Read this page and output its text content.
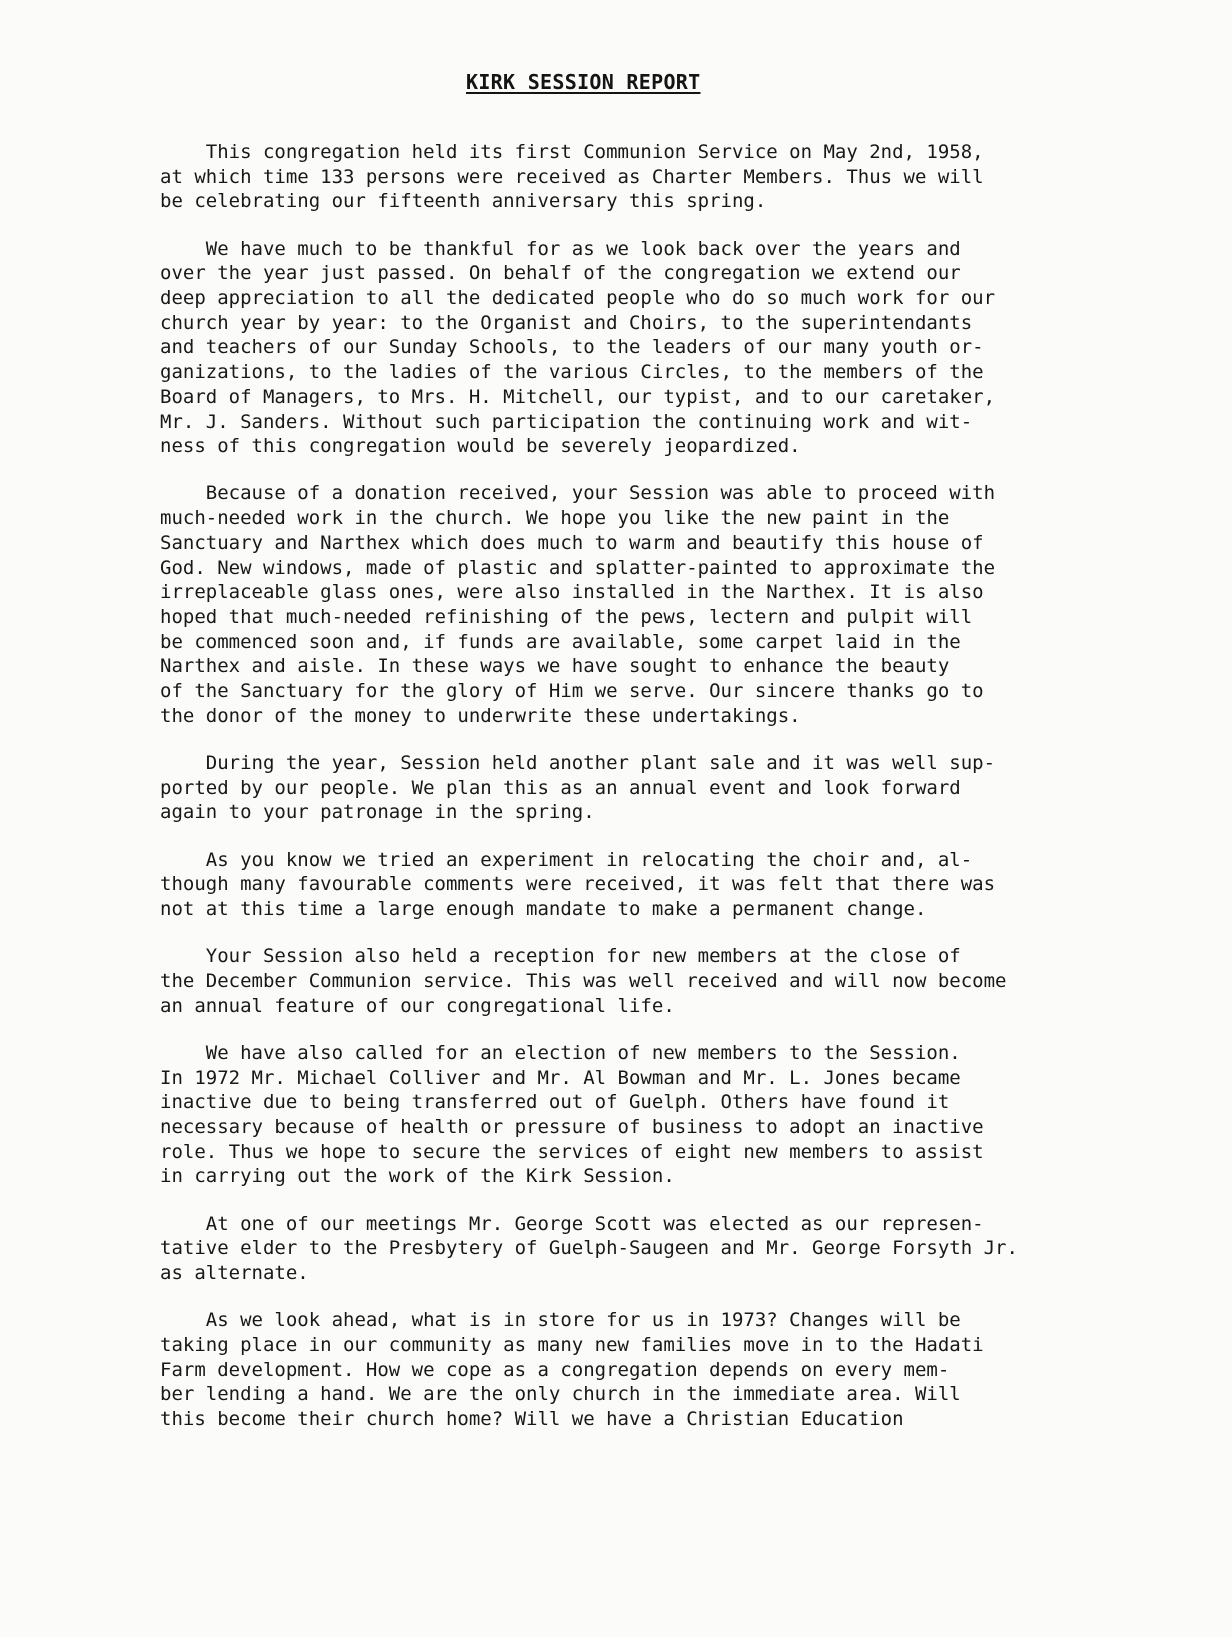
KIRK SESSION REPORT

This congregation held its first Communion Service on May 2nd, 1958,
at which time 133 persons were received as Charter Members. Thus we will
be celebrating our fifteenth anniversary this spring.

We have much to be thankful for as we look back over the years and
over the year just passed. On behalf of the congregation we extend our
deep appreciation to all the dedicated people who do so much work for our
church year by year: to the Organist and Choirs, to the superintendants
and teachers of our Sunday Schools, to the leaders of our many youth or-
ganizations, to the ladies of the various Circles, to the members of the
Board of Managers, to Mrs. H. Mitchell, our typist, and to our caretaker,
Mr. J. Sanders. Without such participation the continuing work and wit-
ness of this congregation would be severely jeopardized.

Because of a donation received, your Session was able to proceed with
much-needed work in the church. We hope you like the new paint in the
Sanctuary and Narthex which does much to warm and beautify this house of
God. New windows, made of plastic and splatter-painted to approximate the
irreplaceable glass ones, were also installed in the Narthex. It is also
hoped that much-needed refinishing of the pews, lectern and pulpit will
be commenced soon and, if funds are available, some carpet laid in the
Narthex and aisle. In these ways we have sought to enhance the beauty
of the Sanctuary for the glory of Him we serve. Our sincere thanks go to
the donor of the money to underwrite these undertakings.

During the year, Session held another plant sale and it was well sup-
ported by our people. We plan this as an annual event and look forward
again to your patronage in the spring.

As you know we tried an experiment in relocating the choir and, al-
though many favourable comments were received, it was felt that there was
not at this time a large enough mandate to make a permanent change.

Your Session also held a reception for new members at the close of
the December Communion service. This was well received and will now become
an annual feature of our congregational life.

We have also called for an election of new members to the Session.
In 1972 Mr. Michael Colliver and Mr. Al Bowman and Mr. L. Jones became
inactive due to being transferred out of Guelph. Others have found it
necessary because of health or pressure of business to adopt an inactive
role. Thus we hope to secure the services of eight new members to assist
in carrying out the work of the Kirk Session.

At one of our meetings Mr. George Scott was elected as our represen-
tative elder to the Presbytery of Guelph-Saugeen and Mr. George Forsyth Jr.
as alternate.

As we look ahead, what is in store for us in 1973? Changes will be
taking place in our community as many new families move in to the Hadati
Farm development. How we cope as a congregation depends on every mem-
ber lending a hand. We are the only church in the immediate area. Will
this become their church home? Will we have a Christian Education
